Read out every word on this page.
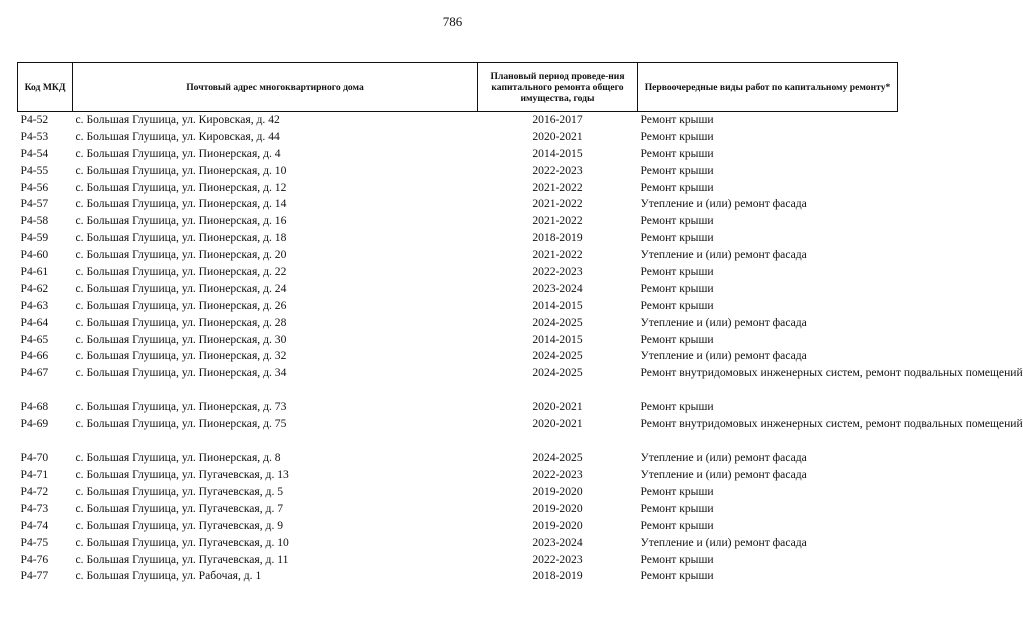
786
Код МКД	Почтовый адрес многоквартирного дома	Плановый период проведе-ния капитального ремонта общего имущества, годы	Первоочередные виды работ по капитальному ремонту*
Р4-52	с. Большая Глушица, ул. Кировская, д. 42	2016-2017	Ремонт крыши
Р4-53	с. Большая Глушица, ул. Кировская, д. 44	2020-2021	Ремонт крыши
Р4-54	с. Большая Глушица, ул. Пионерская, д. 4	2014-2015	Ремонт крыши
Р4-55	с. Большая Глушица, ул. Пионерская, д. 10	2022-2023	Ремонт крыши
Р4-56	с. Большая Глушица, ул. Пионерская, д. 12	2021-2022	Ремонт крыши
Р4-57	с. Большая Глушица, ул. Пионерская, д. 14	2021-2022	Утепление и (или) ремонт фасада
Р4-58	с. Большая Глушица, ул. Пионерская, д. 16	2021-2022	Ремонт крыши
Р4-59	с. Большая Глушица, ул. Пионерская, д. 18	2018-2019	Ремонт крыши
Р4-60	с. Большая Глушица, ул. Пионерская, д. 20	2021-2022	Утепление и (или) ремонт фасада
Р4-61	с. Большая Глушица, ул. Пионерская, д. 22	2022-2023	Ремонт крыши
Р4-62	с. Большая Глушица, ул. Пионерская, д. 24	2023-2024	Ремонт крыши
Р4-63	с. Большая Глушица, ул. Пионерская, д. 26	2014-2015	Ремонт крыши
Р4-64	с. Большая Глушица, ул. Пионерская, д. 28	2024-2025	Утепление и (или) ремонт фасада
Р4-65	с. Большая Глушица, ул. Пионерская, д. 30	2014-2015	Ремонт крыши
Р4-66	с. Большая Глушица, ул. Пионерская, д. 32	2024-2025	Утепление и (или) ремонт фасада
Р4-67	с. Большая Глушица, ул. Пионерская, д. 34	2024-2025	Ремонт внутридомовых инженерных систем, ремонт подвальных помещений
Р4-68	с. Большая Глушица, ул. Пионерская, д. 73	2020-2021	Ремонт крыши
Р4-69	с. Большая Глушица, ул. Пионерская, д. 75	2020-2021	Ремонт внутридомовых инженерных систем, ремонт подвальных помещений
Р4-70	с. Большая Глушица, ул. Пионерская, д. 8	2024-2025	Утепление и (или) ремонт фасада
Р4-71	с. Большая Глушица, ул. Пугачевская, д. 13	2022-2023	Утепление и (или) ремонт фасада
Р4-72	с. Большая Глушица, ул. Пугачевская, д. 5	2019-2020	Ремонт крыши
Р4-73	с. Большая Глушица, ул. Пугачевская, д. 7	2019-2020	Ремонт крыши
Р4-74	с. Большая Глушица, ул. Пугачевская, д. 9	2019-2020	Ремонт крыши
Р4-75	с. Большая Глушица, ул. Пугачевская, д. 10	2023-2024	Утепление и (или) ремонт фасада
Р4-76	с. Большая Глушица, ул. Пугачевская, д. 11	2022-2023	Ремонт крыши
Р4-77	с. Большая Глушица, ул. Рабочая, д. 1	2018-2019	Ремонт крыши
